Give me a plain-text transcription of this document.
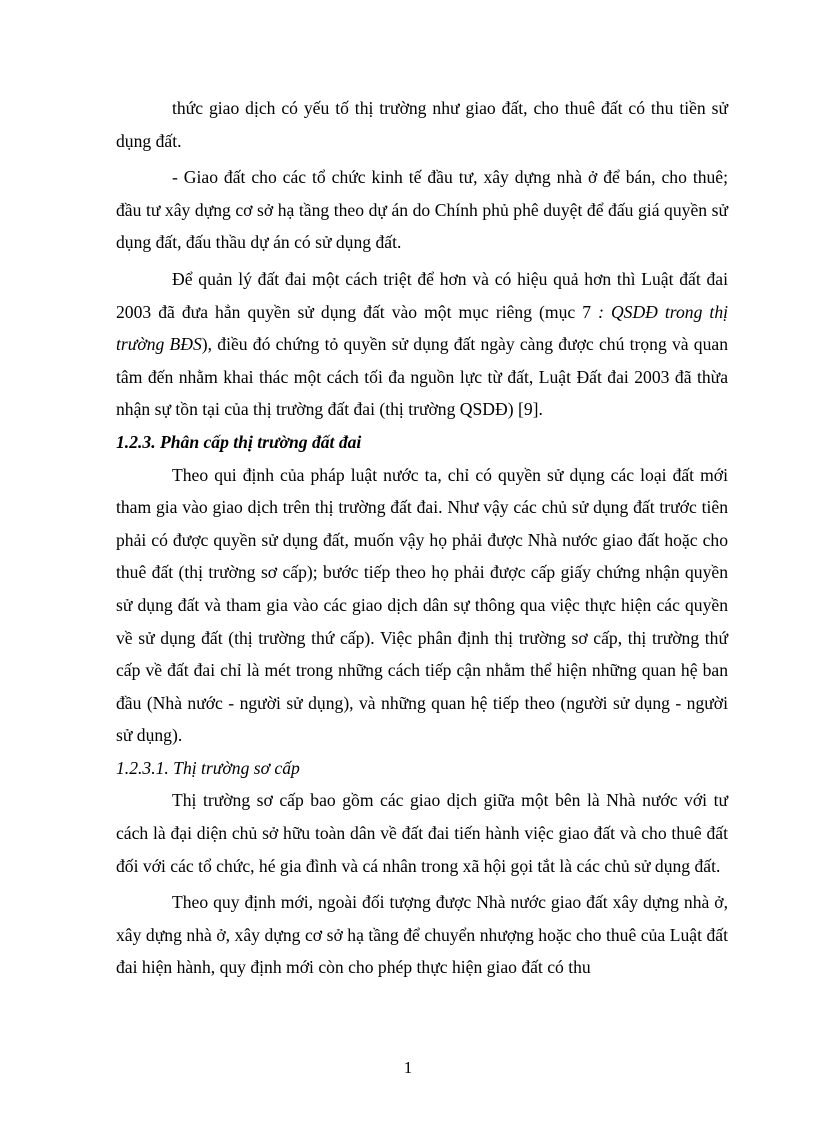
thức giao dịch có yếu tố thị trường như giao đất, cho thuê đất có thu tiền sử dụng đất.

- Giao đất cho các tổ chức kinh tế đầu tư, xây dựng nhà ở để bán, cho thuê; đầu tư xây dựng cơ sở hạ tầng theo dự án do Chính phủ phê duyệt để đấu giá quyền sử dụng đất, đấu thầu dự án có sử dụng đất.

Để quản lý đất đai một cách triệt để hơn và có hiệu quả hơn thì Luật đất đai 2003 đã đưa hẳn quyền sử dụng đất vào một mục riêng (mục 7 : QSDĐ trong thị trường BĐS), điều đó chứng tỏ quyền sử dụng đất ngày càng được chú trọng và quan tâm đến nhằm khai thác một cách tối đa nguồn lực từ đất, Luật Đất đai 2003 đã thừa nhận sự tồn tại của thị trường đất đai (thị trường QSDĐ) [9].

1.2.3. Phân cấp thị trường đất đai

Theo qui định của pháp luật nước ta, chỉ có quyền sử dụng các loại đất mới tham gia vào giao dịch trên thị trường đất đai. Như vậy các chủ sử dụng đất trước tiên phải có được quyền sử dụng đất, muốn vậy họ phải được Nhà nước giao đất hoặc cho thuê đất (thị trường sơ cấp); bước tiếp theo họ phải được cấp giấy chứng nhận quyền sử dụng đất và tham gia vào các giao dịch dân sự thông qua việc thực hiện các quyền về sử dụng đất (thị trường thứ cấp). Việc phân định thị trường sơ cấp, thị trường thứ cấp về đất đai chỉ là mét trong những cách tiếp cận nhằm thể hiện những quan hệ ban đầu (Nhà nước - người sử dụng), và những quan hệ tiếp theo (người sử dụng - người sử dụng).

1.2.3.1. Thị trường sơ cấp

Thị trường sơ cấp bao gồm các giao dịch giữa một bên là Nhà nước với tư cách là đại diện chủ sở hữu toàn dân về đất đai tiến hành việc giao đất và cho thuê đất đối với các tổ chức, hé gia đình và cá nhân trong xã hội gọi tắt là các chủ sử dụng đất.

Theo quy định mới, ngoài đối tượng được Nhà nước giao đất xây dựng nhà ở, xây dựng nhà ở, xây dựng cơ sở hạ tầng để chuyển nhượng hoặc cho thuê của Luật đất đai hiện hành, quy định mới còn cho phép thực hiện giao đất có thu

1
